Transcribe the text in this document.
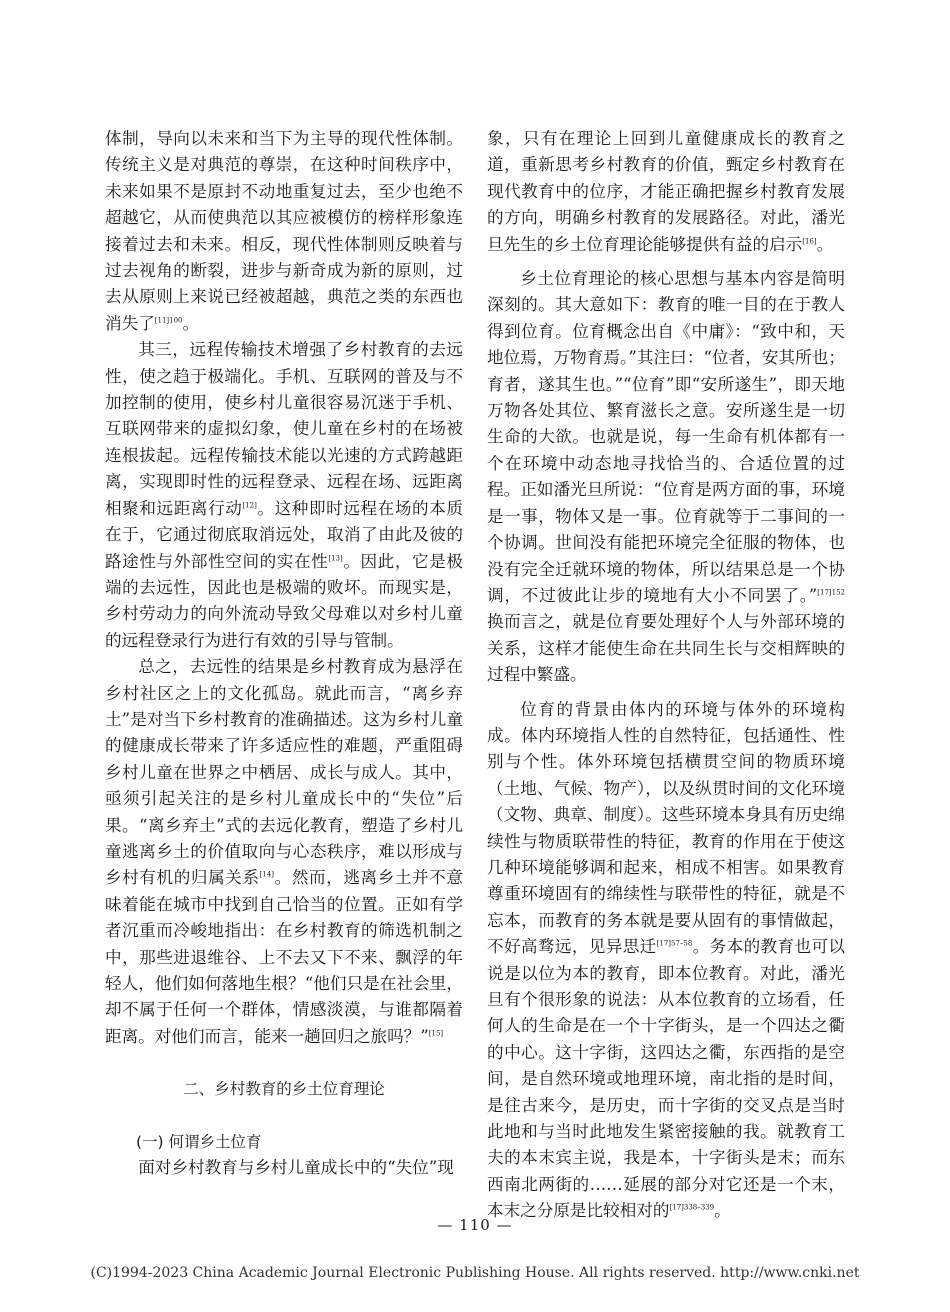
体制，导向以未来和当下为主导的现代性体制。传统主义是对典范的尊崇，在这种时间秩序中，未来如果不是原封不动地重复过去，至少也绝不超越它，从而使典范以其应被模仿的榜样形象连接着过去和未来。相反，现代性体制则反映着与过去视角的断裂，进步与新奇成为新的原则，过去从原则上来说已经被超越，典范之类的东西也消失了$^{[11]100}$。

其三，远程传输技术增强了乡村教育的去远性，使之趋于极端化。手机、互联网的普及与不加控制的使用，使乡村儿童很容易沉迷于手机、互联网带来的虚拟幻象，使儿童在乡村的在场被连根拔起。远程传输技术能以光速的方式跨越距离，实现即时性的远程登录、远程在场、远距离相聚和远距离行动[12]。这种即时远程在场的本质在于，它通过彻底取消远处，取消了由此及彼的路途性与外部性空间的实在性[13]。因此，它是极端的去远性，因此也是极端的败坏。而现实是，乡村劳动力的向外流动导致父母难以对乡村儿童的远程登录行为进行有效的引导与管制。

总之，去远性的结果是乡村教育成为悬浮在乡村社区之上的文化孤岛。就此而言，“离乡弃土”是对当下乡村教育的准确描述。这为乡村儿童的健康成长带来了许多适应性的难题，严重阻碍乡村儿童在世界之中栖居、成长与成人。其中，亟须引起关注的是乡村儿童成长中的“失位”后果。“离乡弃土”式的去远化教育，塑造了乡村儿童逃离乡土的价值取向与心态秩序，难以形成与乡村有机的归属关系[14]。然而，逃离乡土并不意味着能在城市中找到自己恰当的位置。正如有学者沉重而冷峻地指出：在乡村教育的筛选机制之中，那些进退维谷、上不去又下不来、飘浮的年轻人，他们如何落地生根？“他们只是在社会里，却不属于任何一个群体，情感淡漠，与谁都隔着距离。对他们而言，能来一趟回归之旅吗？”[15]

二、乡村教育的乡土位育理论

(一) 何谓乡土位育

面对乡村教育与乡村儿童成长中的“失位”现

象，只有在理论上回到儿童健康成长的教育之道，重新思考乡村教育的价值，甄定乡村教育在现代教育中的位序，才能正确把握乡村教育发展的方向，明确乡村教育的发展路径。对此，潘光旦先生的乡土位育理论能够提供有益的启示[16]。

乡土位育理论的核心思想与基本内容是简明深刻的。其大意如下：教育的唯一目的在于教人得到位育。位育概念出自《中庸》：“致中和，天地位焉，万物育焉。”其注曰：“位者，安其所也；育者，遂其生也。”“位育”即“安所遂生”，即天地万物各处其位、繁育滋长之意。安所遂生是一切生命的大欲。也就是说，每一生命有机体都有一个在环境中动态地寻找恰当的、合适位置的过程。正如潘光旦所说：“位育是两方面的事，环境是一事，物体又是一事。位育就等于二事间的一个协调。世间没有能把环境完全征服的物体，也没有完全迁就环境的物体，所以结果总是一个协调，不过彼此让步的境地有大小不同罢了。”$^{[17]152}$ 换而言之，就是位育要处理好个人与外部环境的关系，这样才能使生命在共同生长与交相辉映的过程中繁盛。

位育的背景由体内的环境与体外的环境构成。体内环境指人性的自然特征，包括通性、性别与个性。体外环境包括横贯空间的物质环境（土地、气候、物产），以及纵贯时间的文化环境（文物、典章、制度）。这些环境本身具有历史绵续性与物质联带性的特征，教育的作用在于使这几种环境能够调和起来，相成不相害。如果教育尊重环境固有的绵续性与联带性的特征，就是不忘本，而教育的务本就是要从固有的事情做起，不好高骛远，见异思迁$^{[17]57-58}$。务本的教育也可以说是以位为本的教育，即本位教育。对此，潘光旦有个很形象的说法：从本位教育的立场看，任何人的生命是在一个十字街头，是一个四达之衢的中心。这十字街，这四达之衢，东西指的是空间，是自然环境或地理环境，南北指的是时间，是往古来今，是历史，而十字街的交叉点是当时此地和与当时此地发生紧密接触的我。就教育工夫的本末宾主说，我是本，十字街头是末；而东西南北两街的……延展的部分对它还是一个末，本末之分原是比较相对的$^{[17]338-339}$。

— 110 —
(C)1994-2023 China Academic Journal Electronic Publishing House. All rights reserved. http://www.cnki.net
